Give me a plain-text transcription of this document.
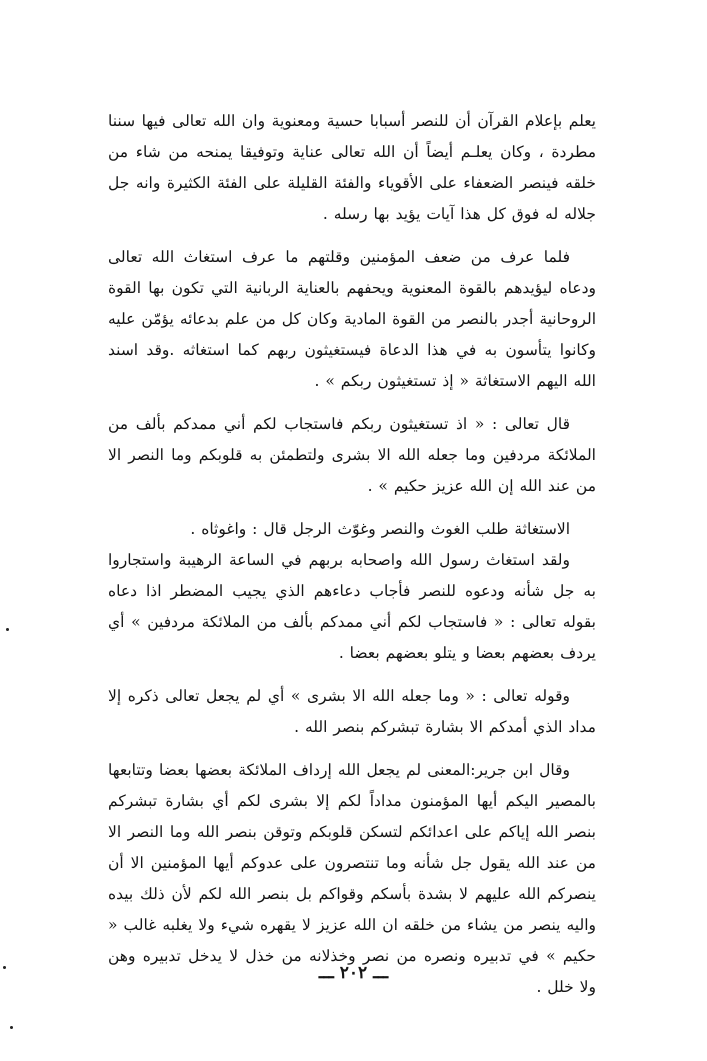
يعلم بإعلام القرآن أن للنصر أسبابا حسية ومعنوية وان الله تعالى فيها سننا مطردة ، وكان يعلـم أيضاً أن الله تعالى عناية وتوفيقا يمنحه من شاء من خلقه فينصر الضعفاء على الأقوياء والفئة القليلة على الفئة الكثيرة وانه جل جلاله له فوق كل هذا آيات يؤيد بها رسله .

فلما عرف من ضعف المؤمنين وقلتهم ما عرف استغاث الله تعالى ودعاه ليؤيدهم بالقوة المعنوية ويحفهم بالعناية الربانية التي تكون بها القوة الروحانية أجدر بالنصر من القوة المادية وكان كل من علم بدعائه يؤمّن عليه وكانوا يتأسون به في هذا الدعاة فيستغيثون ربهم كما استغاثه .وقد اسند الله اليهم الاستغاثة « إذ تستغيثون ربكم » .

قال تعالى : « اذ تستغيثون ربكم فاستجاب لكم أني ممدكم بألف من الملائكة مردفين وما جعله الله الا بشرى ولتطمئن به قلوبكم وما النصر الا من عند الله إن الله عزيز حكيم » .

الاستغاثة طلب الغوث والنصر وغوّث الرجل قال : واغوثاه .

ولقد استغاث رسول الله واصحابه بربهم في الساعة الرهيبة واستجاروا به جل شأنه ودعوه للنصر فأجاب دعاءهم الذي يجيب المضطر اذا دعاه بقوله تعالى : « فاستجاب لكم أني ممدكم بألف من الملائكة مردفين » أي يردف بعضهم بعضا و يتلو بعضهم بعضا .

وقوله تعالى : « وما جعله الله الا بشرى » أي لم يجعل تعالى ذكره إلا مداد الذي أمدكم الا بشارة تبشركم بنصر الله .

وقال ابن جرير:المعنى لم يجعل الله إرداف الملائكة بعضها بعضا وتتابعها بالمصير اليكم أيها المؤمنون مداداً لكم إلا بشرى لكم أي بشارة تبشركم بنصر الله إياكم على اعدائكم لتسكن قلوبكم وتوقن بنصر الله وما النصر الا من عند الله يقول جل شأنه وما تنتصرون على عدوكم أيها المؤمنين الا أن ينصركم الله عليهم لا بشدة بأسكم وقواكم بل بنصر الله لكم لأن ذلك بيده واليه ينصر من يشاء من خلقه ان الله عزيز لا يقهره شيء ولا يغلبه غالب « حكيم » في تدبيره ونصره من نصر وخذلانه من خذل لا يدخل تدبيره وهن ولا خلل .

ـــ ٢٠٢ ـــ
